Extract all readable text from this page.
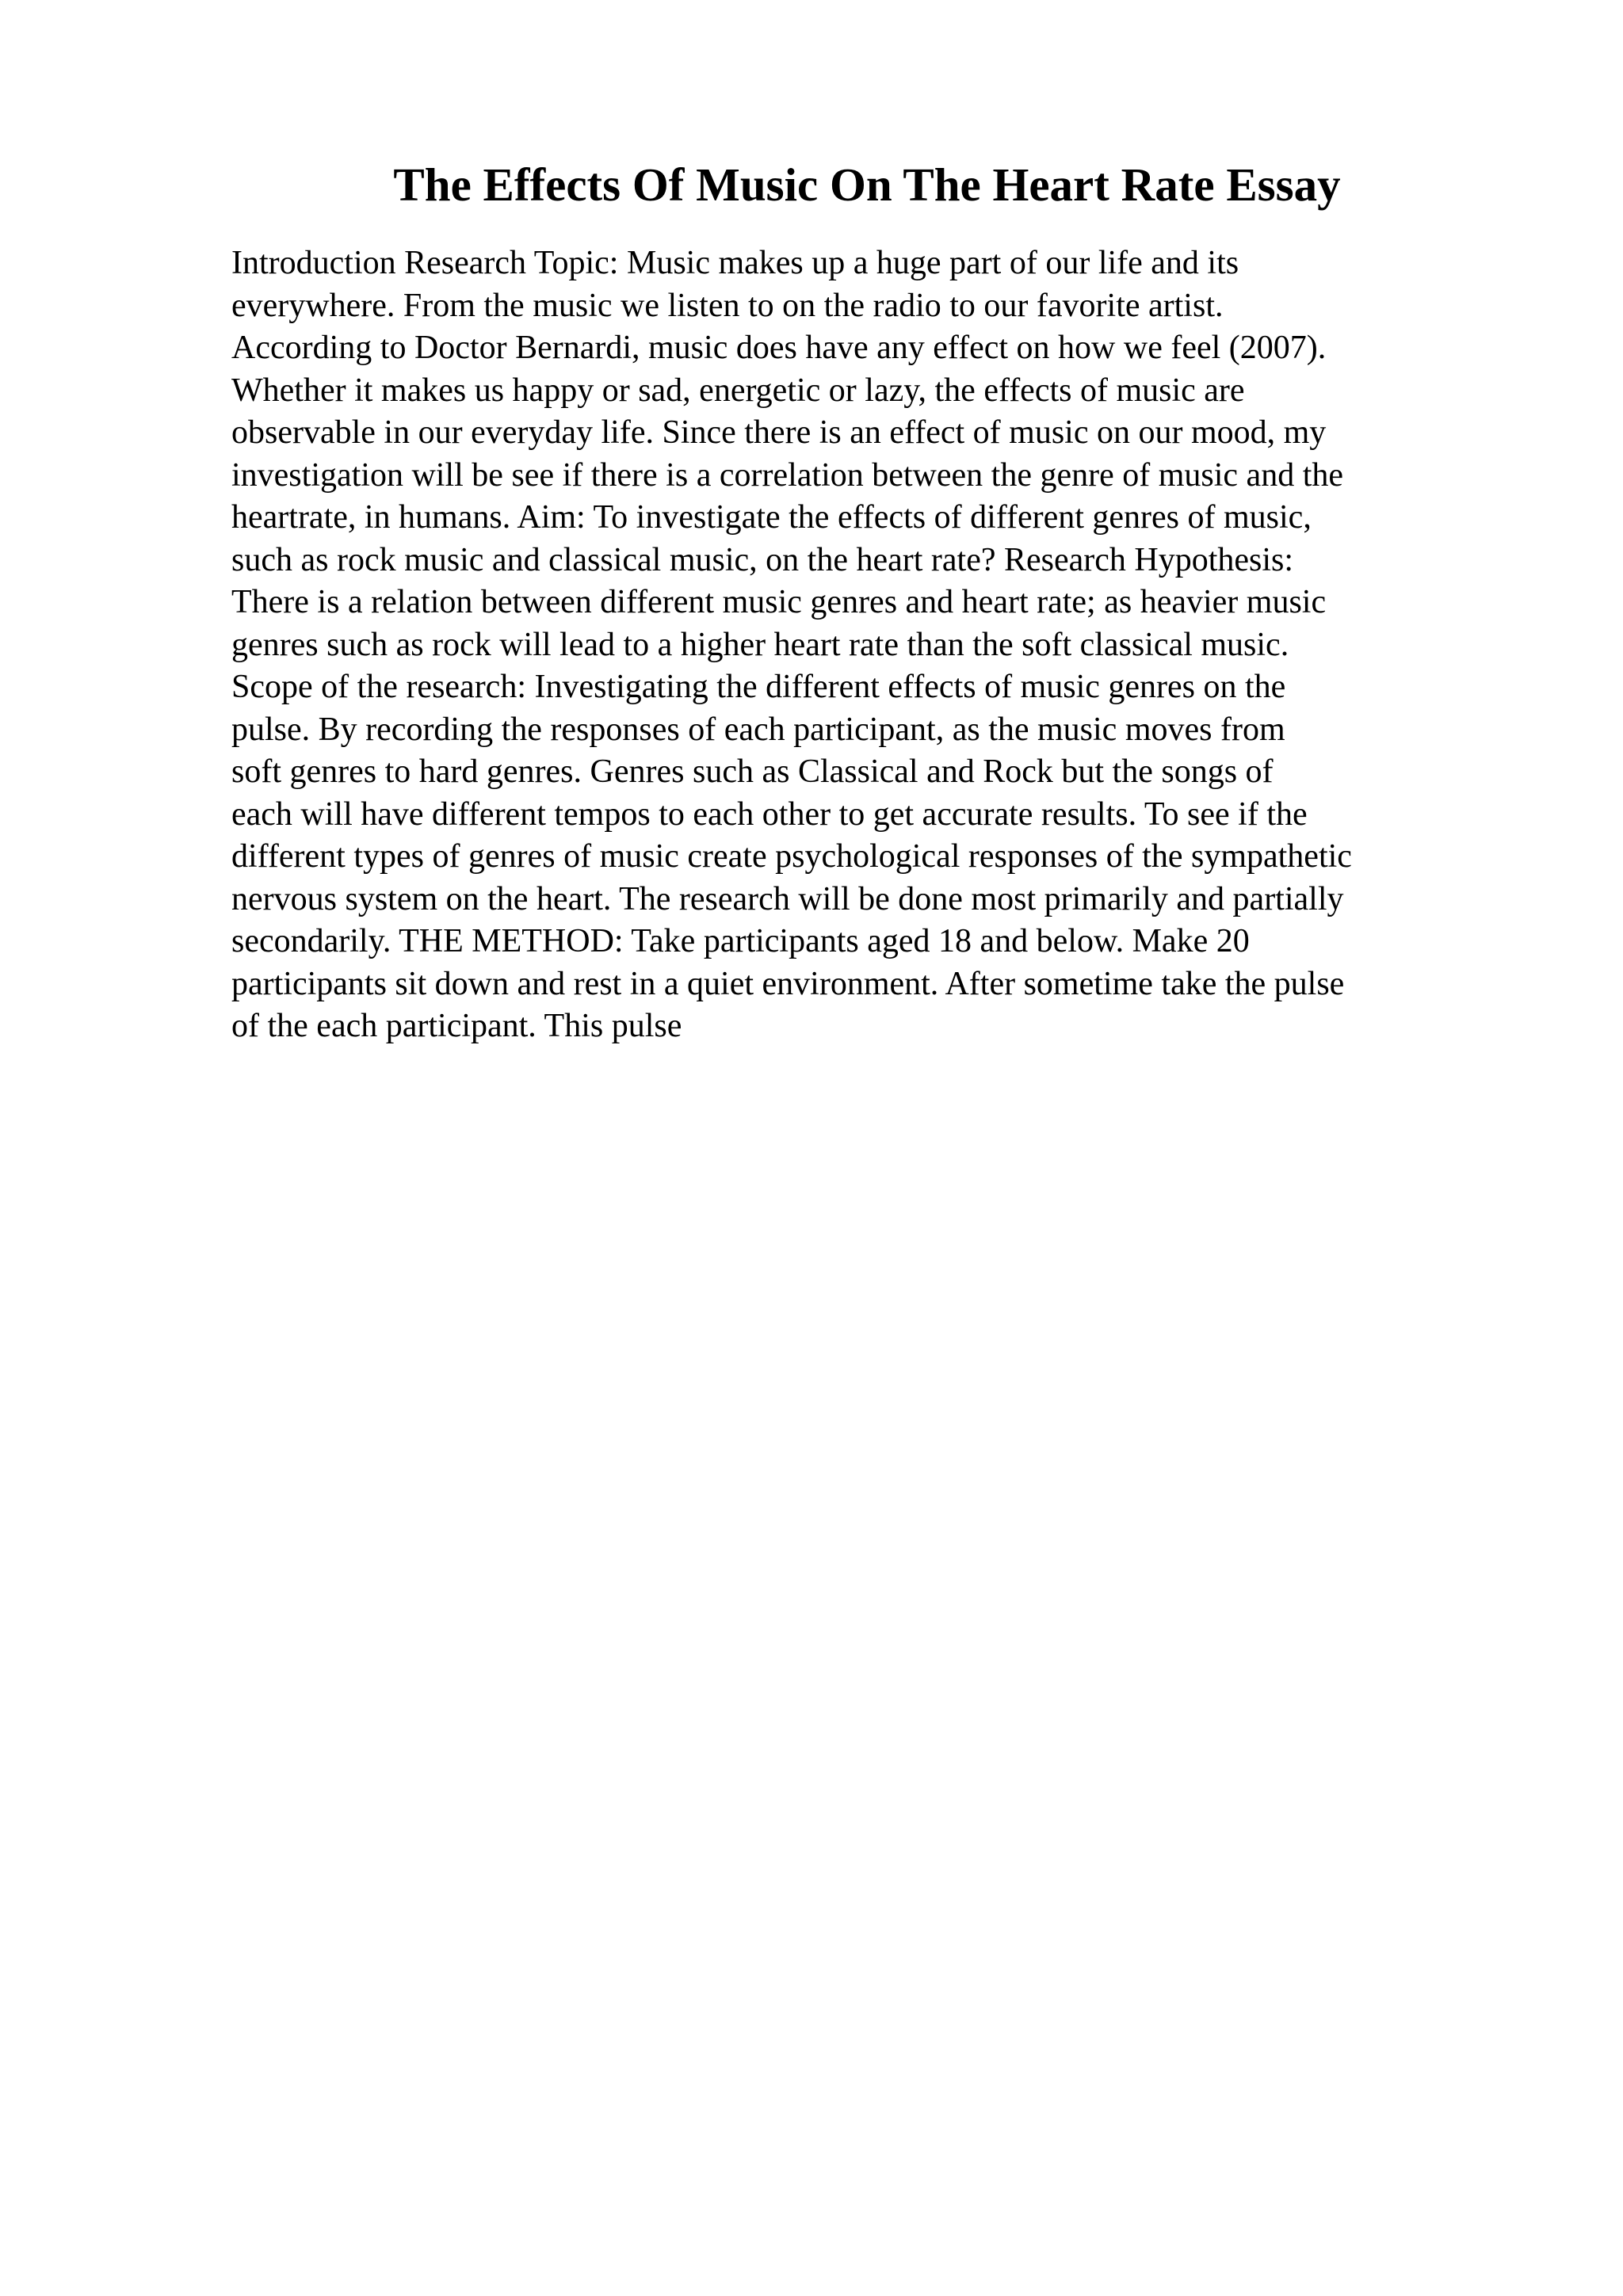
The Effects Of Music On The Heart Rate Essay
Introduction Research Topic: Music makes up a huge part of our life and its
everywhere. From the music we listen to on the radio to our favorite artist.
According to Doctor Bernardi, music does have any effect on how we feel (2007).
Whether it makes us happy or sad, energetic or lazy, the effects of music are
observable in our everyday life. Since there is an effect of music on our mood, my
investigation will be see if there is a correlation between the genre of music and the
heartrate, in humans. Aim: To investigate the effects of different genres of music,
such as rock music and classical music, on the heart rate? Research Hypothesis:
There is a relation between different music genres and heart rate; as heavier music
genres such as rock will lead to a higher heart rate than the soft classical music.
Scope of the research: Investigating the different effects of music genres on the
pulse. By recording the responses of each participant, as the music moves from
soft genres to hard genres. Genres such as Classical and Rock but the songs of
each will have different tempos to each other to get accurate results. To see if the
different types of genres of music create psychological responses of the sympathetic
nervous system on the heart. The research will be done most primarily and partially
secondarily. THE METHOD: Take participants aged 18 and below. Make 20
participants sit down and rest in a quiet environment. After sometime take the pulse
of the each participant. This pulse
